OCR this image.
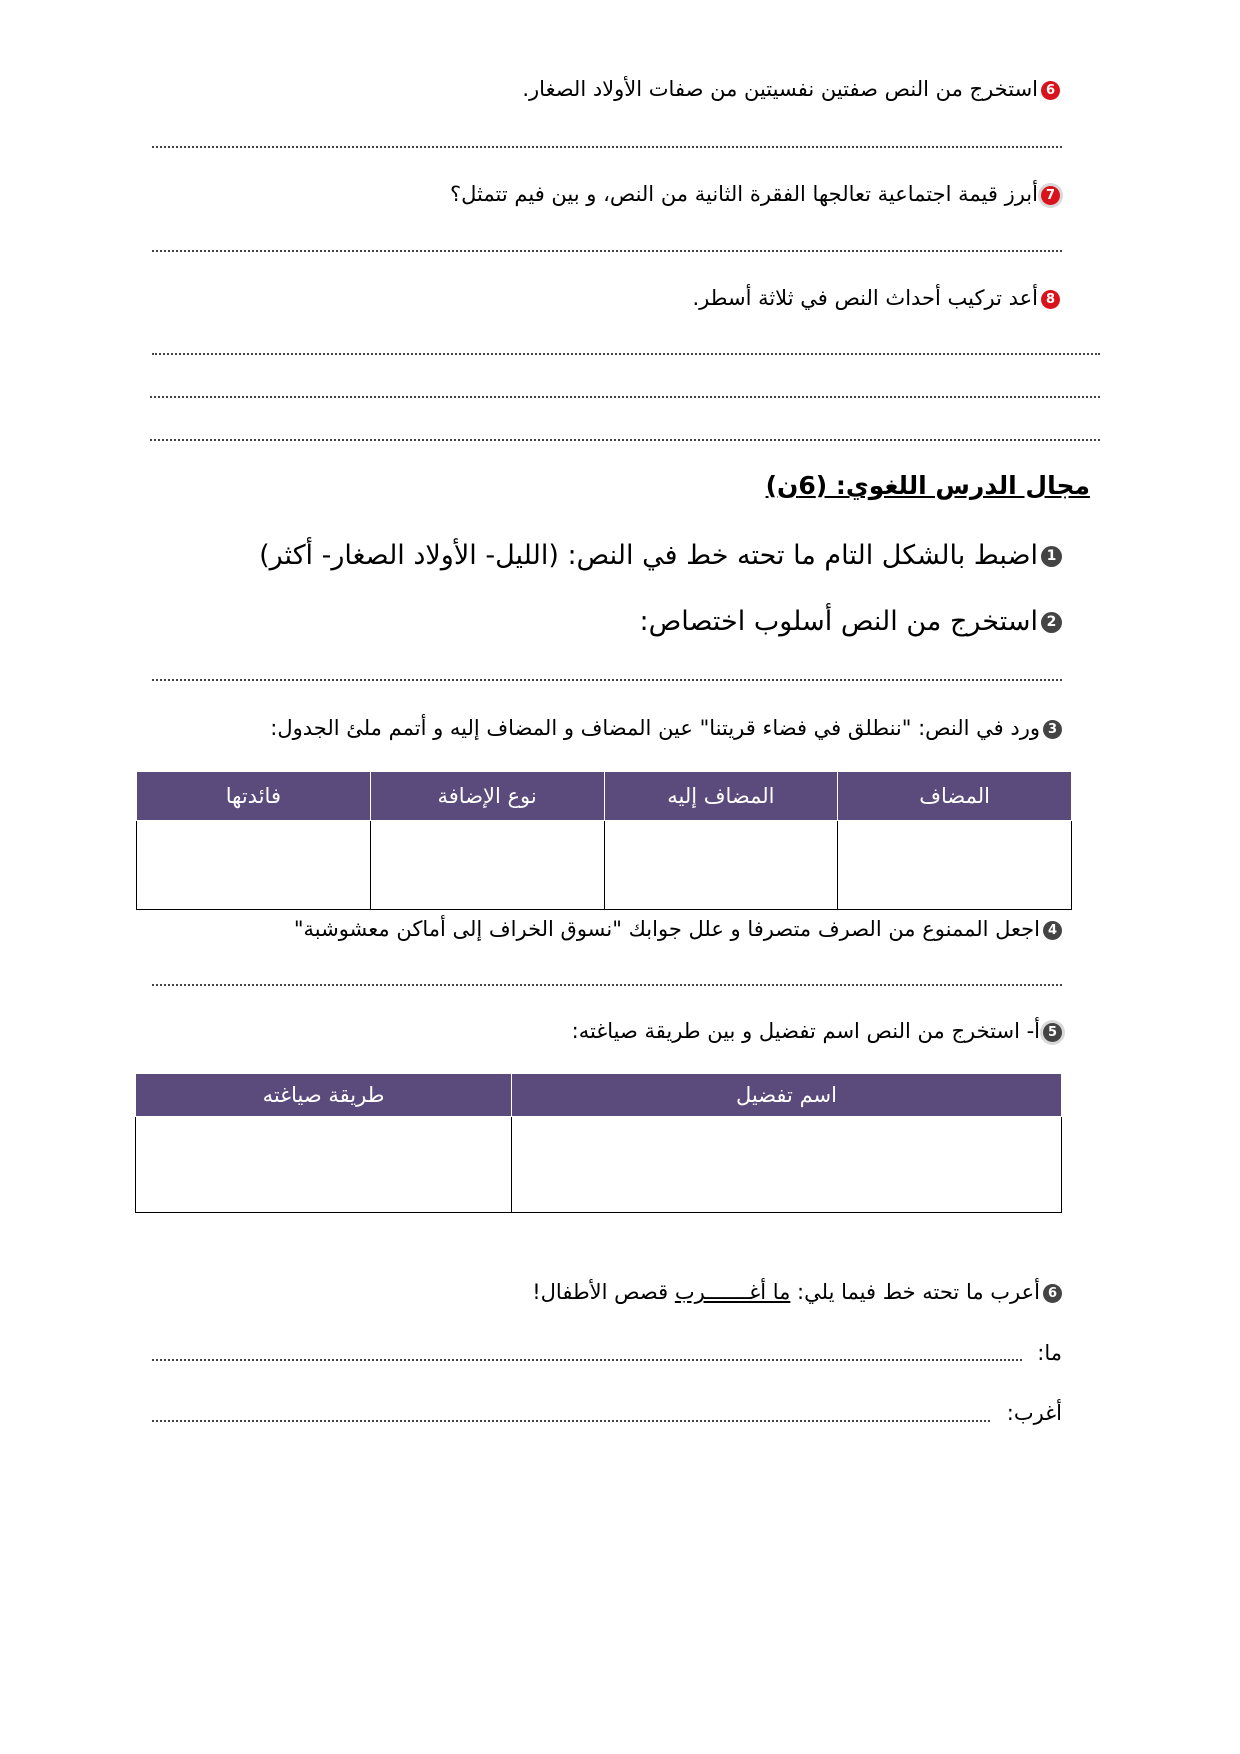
6استخرج من النص صفتين نفسيتين من صفات الأولاد الصغار.
7أبرز قيمة اجتماعية تعالجها الفقرة الثانية من النص، و بين فيم تتمثل؟
8أعد تركيب أحداث النص في ثلاثة أسطر.
مجال الدرس اللغوي: (6ن)
1اضبط بالشكل التام ما تحته خط في النص: (الليل- الأولاد الصغار- أكثر)
2استخرج من النص أسلوب اختصاص:
3ورد في النص: "ننطلق في فضاء قريتنا" عين المضاف و المضاف إليه و أتمم ملئ الجدول:
المضاف	المضاف إليه	نوع الإضافة	فائدتها

4اجعل الممنوع من الصرف متصرفا و علل جوابك "نسوق الخراف إلى أماكن معشوشبة"
5أ- استخرج من النص اسم تفضيل و بين طريقة صياغته:
اسم تفضيل	طريقة صياغته

6أعرب ما تحته خط فيما يلي: ما أغـــــــرب قصص الأطفال!
ما:
أغرب:
